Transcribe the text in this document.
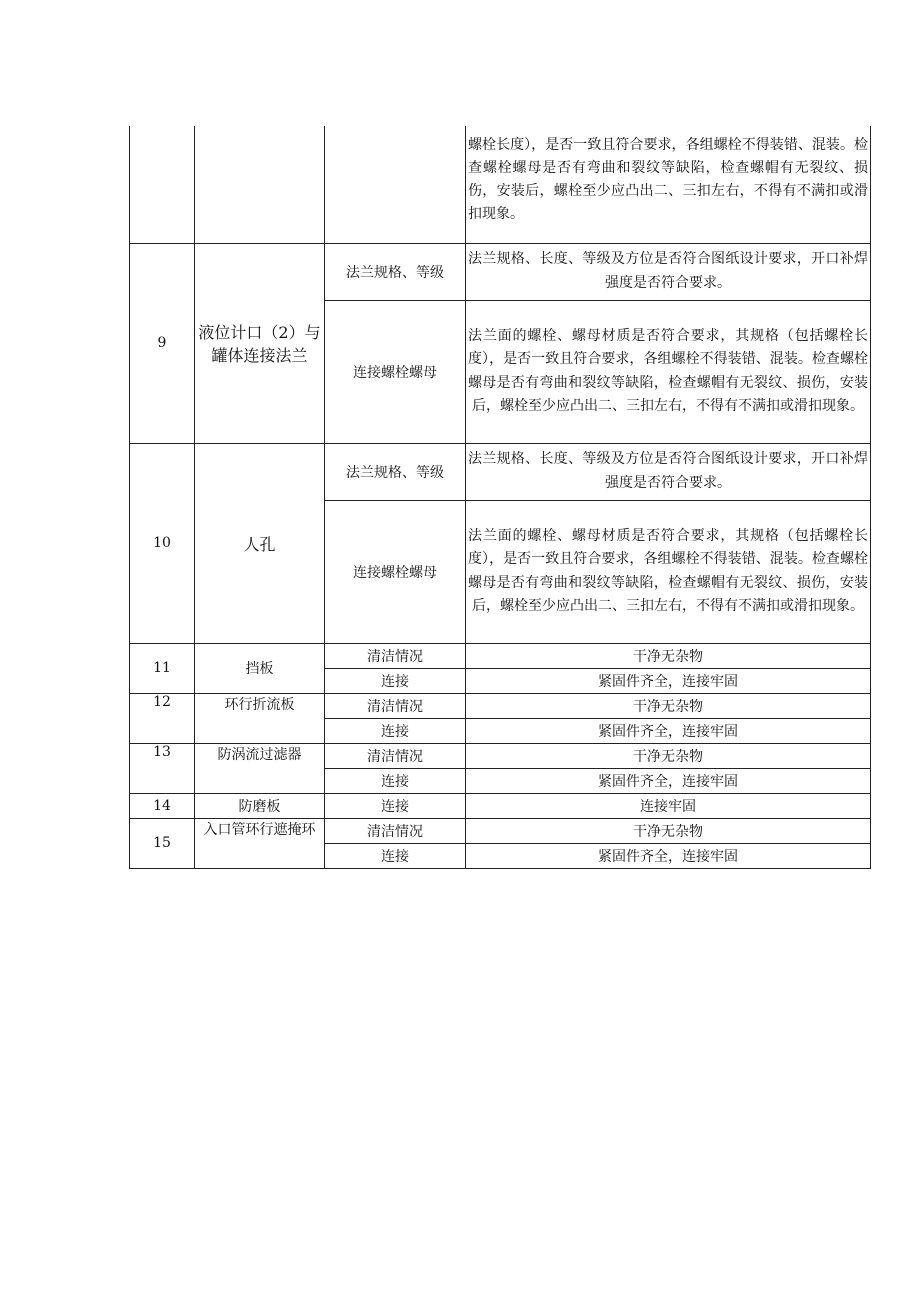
			螺栓长度），是否一致且符合要求，各组螺栓不得装错、混装。检查螺栓螺母是否有弯曲和裂纹等缺陷，检查螺帽有无裂纹、损伤，安装后，螺栓至少应凸出二、三扣左右，不得有不满扣或滑扣现象。
9	液位计口（2）与罐体连接法兰	法兰规格、等级	法兰规格、长度、等级及方位是否符合图纸设计要求，开口补焊强度是否符合要求。
		连接螺栓螺母	法兰面的螺栓、螺母材质是否符合要求，其规格（包括螺栓长度），是否一致且符合要求，各组螺栓不得装错、混装。检查螺栓螺母是否有弯曲和裂纹等缺陷，检查螺帽有无裂纹、损伤，安装后，螺栓至少应凸出二、三扣左右，不得有不满扣或滑扣现象。
10	人孔	法兰规格、等级	法兰规格、长度、等级及方位是否符合图纸设计要求，开口补焊强度是否符合要求。
		连接螺栓螺母	法兰面的螺栓、螺母材质是否符合要求，其规格（包括螺栓长度），是否一致且符合要求，各组螺栓不得装错、混装。检查螺栓螺母是否有弯曲和裂纹等缺陷，检查螺帽有无裂纹、损伤，安装后，螺栓至少应凸出二、三扣左右，不得有不满扣或滑扣现象。
11	挡板	清洁情况	干净无杂物
		连接	紧固件齐全，连接牢固
12	环行折流板	清洁情况	干净无杂物
		连接	紧固件齐全，连接牢固
13	防涡流过滤器	清洁情况	干净无杂物
		连接	紧固件齐全，连接牢固
14	防磨板	连接	连接牢固
15	入口管环行遮掩环	清洁情况	干净无杂物
		连接	紧固件齐全，连接牢固
